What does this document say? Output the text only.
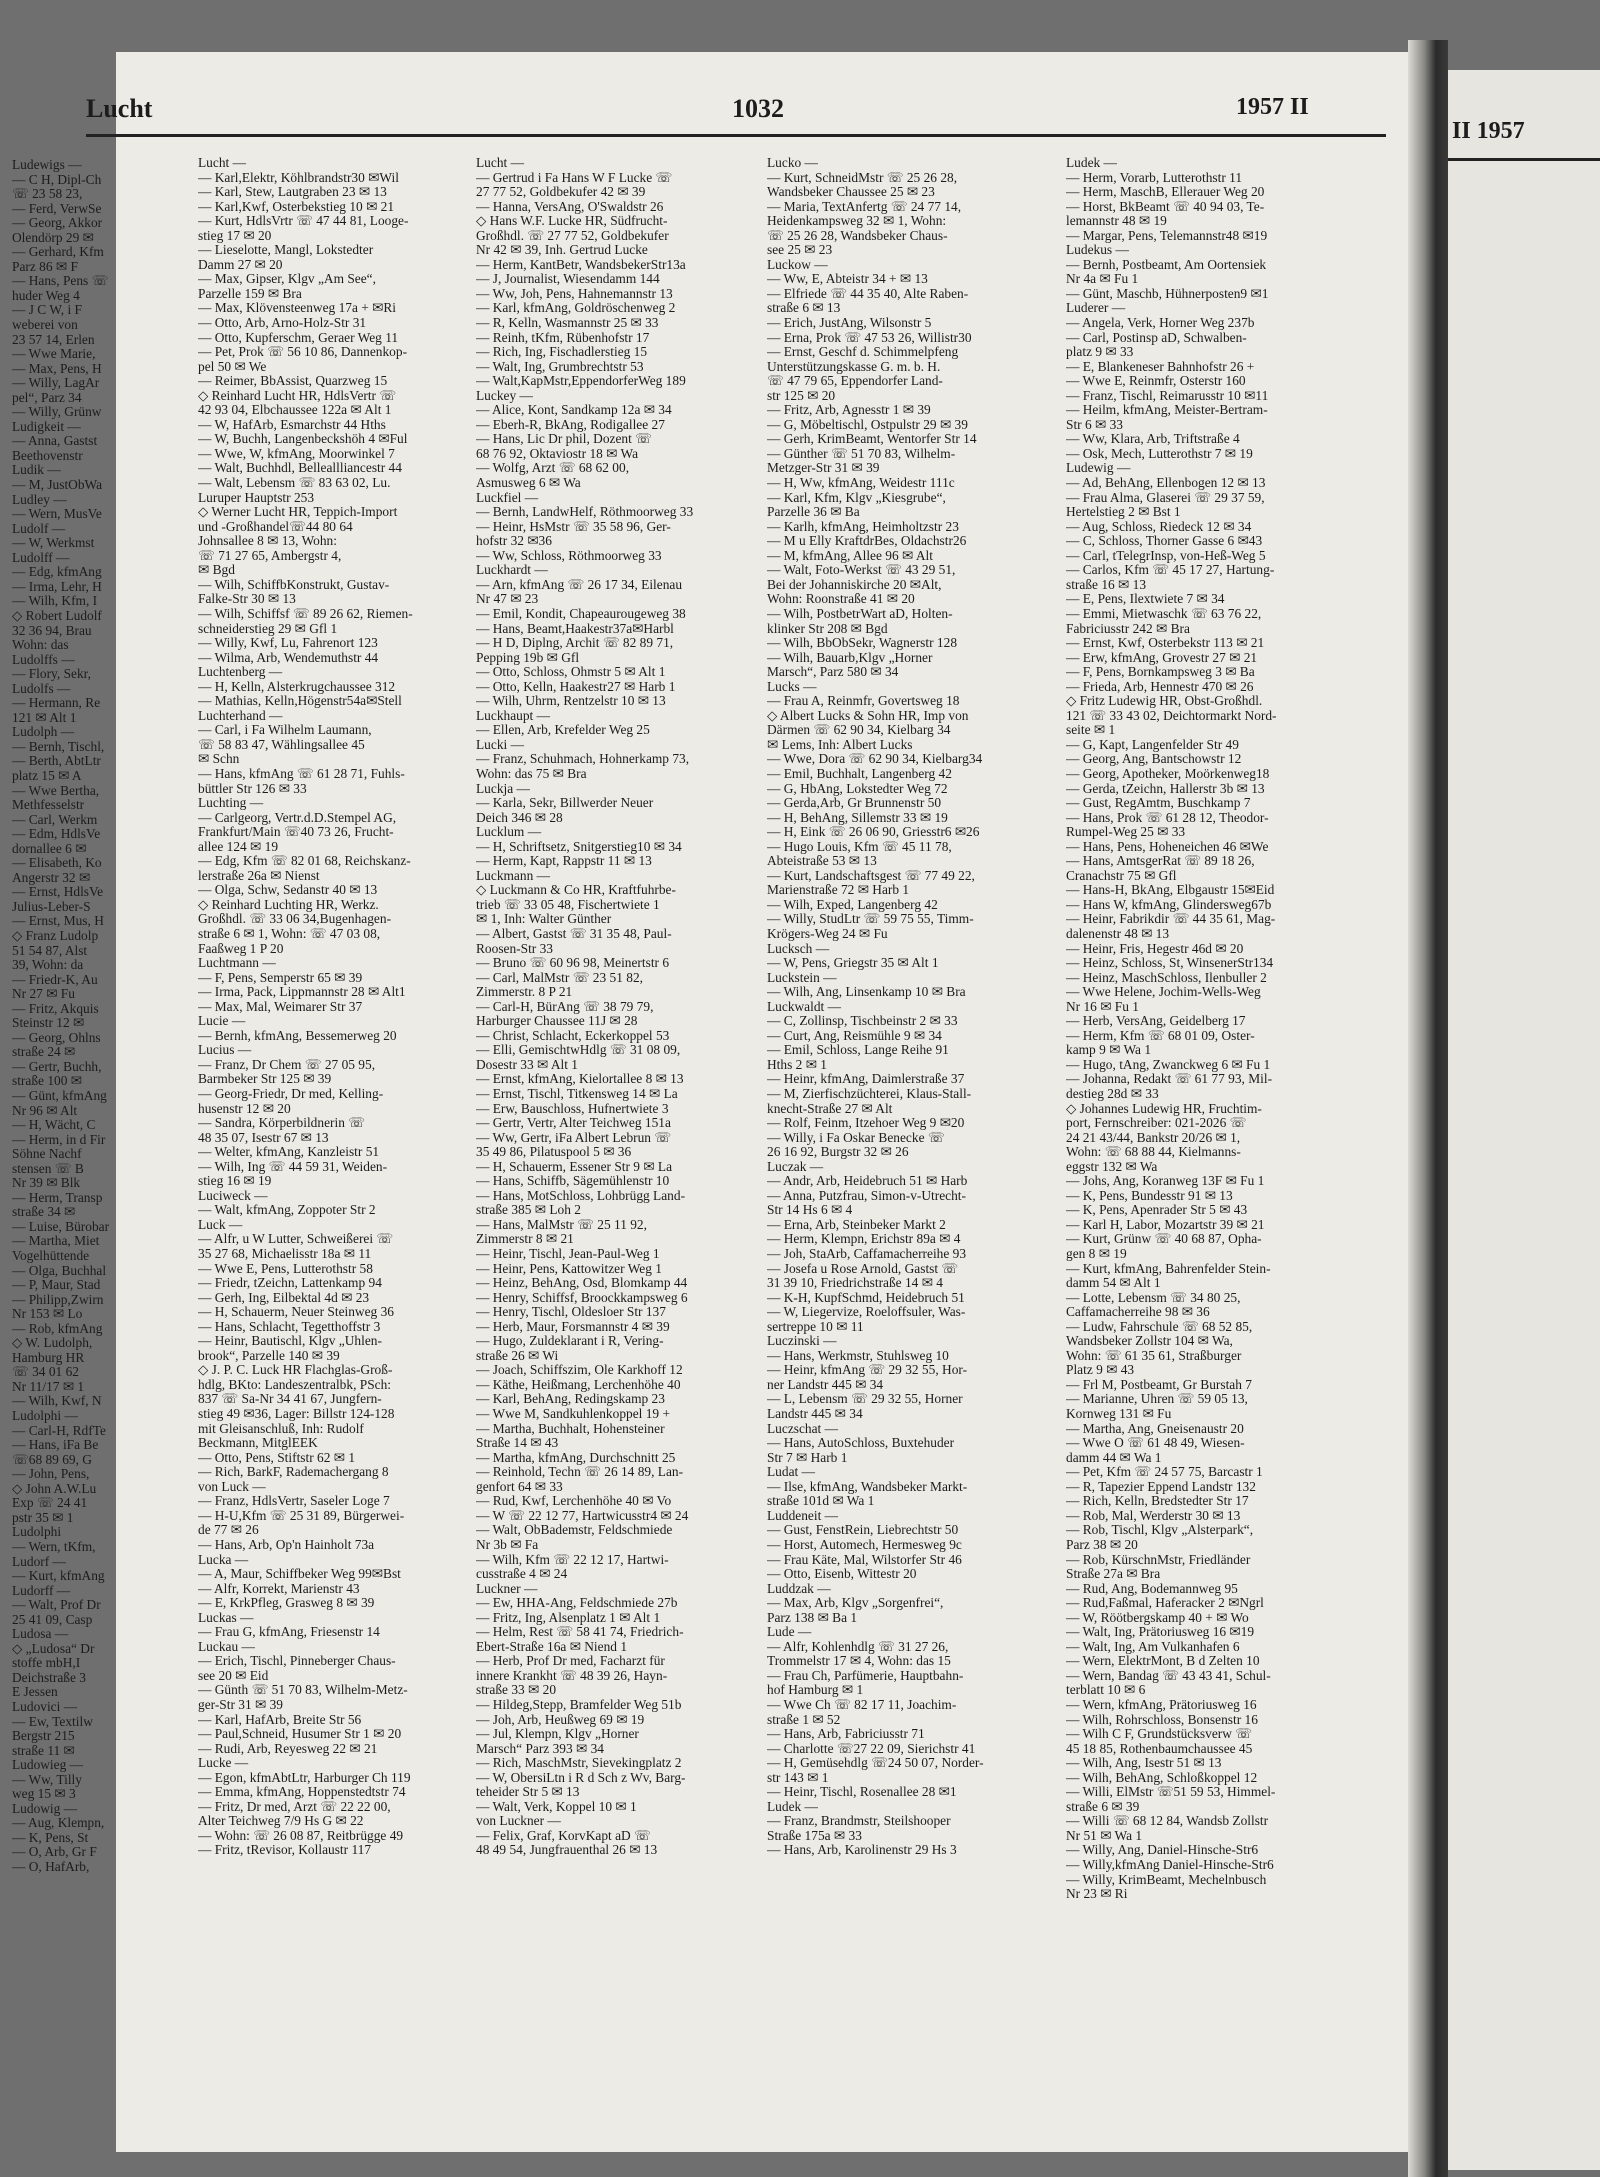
II 1957
Lucht	1032	1957 II
Lucht —
— Karl,Elektr, Köhlbrandstr30 ✉Wil
— Karl, Stew, Lautgraben 23 ✉ 13
— Karl,Kwf, Osterbekstieg 10 ✉ 21
— Kurt, HdlsVrtr ☏ 47 44 81, Looge-
stieg 17 ✉ 20
— Lieselotte, Mangl, Lokstedter
Damm 27 ✉ 20
— Max, Gipser, Klgv „Am See“,
Parzelle 159 ✉ Bra
— Max, Klövensteenweg 17a + ✉Ri
— Otto, Arb, Arno-Holz-Str 31
— Otto, Kupferschm, Geraer Weg 11
— Pet, Prok ☏ 56 10 86, Dannenkop-
pel 50 ✉ We
— Reimer, BbAssist, Quarzweg 15
◇ Reinhard Lucht HR, HdlsVertr ☏
42 93 04, Elbchaussee 122a ✉ Alt 1
— W, HafArb, Esmarchstr 44 Hths
— W, Buchh, Langenbeckshöh 4 ✉Ful
— Wwe, W, kfmAng, Moorwinkel 7
— Walt, Buchhdl, Belleallliancestr 44
— Walt, Lebensm ☏ 83 63 02, Lu.
Luruper Hauptstr 253
◇ Werner Lucht HR, Teppich-Import
und -Großhandel☏44 80 64
Johnsallee 8 ✉ 13, Wohn:
☏ 71 27 65, Ambergstr 4,
✉ Bgd
— Wilh, SchiffbKonstrukt, Gustav-
Falke-Str 30 ✉ 13
— Wilh, Schiffsf ☏ 89 26 62, Riemen-
schneiderstieg 29 ✉ Gfl 1
— Willy, Kwf, Lu, Fahrenort 123
— Wilma, Arb, Wendemuthstr 44
Luchtenberg —
— H, Kelln, Alsterkrugchaussee 312
— Mathias, Kelln,Högenstr54a✉Stell
Luchterhand —
— Carl, i Fa Wilhelm Laumann,
☏ 58 83 47, Wählingsallee 45
✉ Schn
— Hans, kfmAng ☏ 61 28 71, Fuhls-
büttler Str 126 ✉ 33
Luchting —
— Carlgeorg, Vertr.d.D.Stempel AG,
Frankfurt/Main ☏40 73 26, Frucht-
allee 124 ✉ 19
— Edg, Kfm ☏ 82 01 68, Reichskanz-
lerstraße 26a ✉ Nienst
— Olga, Schw, Sedanstr 40 ✉ 13
◇ Reinhard Luchting HR, Werkz.
Großhdl. ☏ 33 06 34,Bugenhagen-
straße 6 ✉ 1, Wohn: ☏ 47 03 08,
Faaßweg 1 P 20
Luchtmann —
— F, Pens, Semperstr 65 ✉ 39
— Irma, Pack, Lippmannstr 28 ✉ Alt1
— Max, Mal, Weimarer Str 37
Lucie —
— Bernh, kfmAng, Bessemerweg 20
Lucius —
— Franz, Dr Chem ☏ 27 05 95,
Barmbeker Str 125 ✉ 39
— Georg-Friedr, Dr med, Kelling-
husenstr 12 ✉ 20
— Sandra, Körperbildnerin ☏
48 35 07, Isestr 67 ✉ 13
— Welter, kfmAng, Kanzleistr 51
— Wilh, Ing ☏ 44 59 31, Weiden-
stieg 16 ✉ 19
Luciweck —
— Walt, kfmAng, Zoppoter Str 2
Luck —
— Alfr, u W Lutter, Schweißerei ☏
35 27 68, Michaelisstr 18a ✉ 11
— Wwe E, Pens, Lutterothstr 58
— Friedr, tZeichn, Lattenkamp 94
— Gerh, Ing, Eilbektal 4d ✉ 23
— H, Schauerm, Neuer Steinweg 36
— Hans, Schlacht, Tegetthoffstr 3
— Heinr, Bautischl, Klgv „Uhlen-
brook“, Parzelle 140 ✉ 39
◇ J. P. C. Luck HR Flachglas-Groß-
hdlg, BKto: Landeszentralbk, PSch:
837 ☏ Sa-Nr 34 41 67, Jungfern-
stieg 49 ✉36, Lager: Billstr 124-128
mit Gleisanschluß, Inh: Rudolf
Beckmann, MitglEEK
— Otto, Pens, Stiftstr 62 ✉ 1
— Rich, BarkF, Rademachergang 8
von Luck —
— Franz, HdlsVertr, Saseler Loge 7
— H-U,Kfm ☏ 25 31 89, Bürgerwei-
de 77 ✉ 26
— Hans, Arb, Op'n Hainholt 73a
Lucka —
— A, Maur, Schiffbeker Weg 99✉Bst
— Alfr, Korrekt, Marienstr 43
— E, KrkPfleg, Grasweg 8 ✉ 39
Luckas —
— Frau G, kfmAng, Friesenstr 14
Luckau —
— Erich, Tischl, Pinneberger Chaus-
see 20 ✉ Eid
— Günth ☏ 51 70 83, Wilhelm-Metz-
ger-Str 31 ✉ 39
— Karl, HafArb, Breite Str 56
— Paul,Schneid, Husumer Str 1 ✉ 20
— Rudi, Arb, Reyesweg 22 ✉ 21
Lucke —
— Egon, kfmAbtLtr, Harburger Ch 119
— Emma, kfmAng, Hoppenstedtstr 74
— Fritz, Dr med, Arzt ☏ 22 22 00,
Alter Teichweg 7/9 Hs G ✉ 22
— Wohn: ☏ 26 08 87, Reitbrügge 49
— Fritz, tRevisor, Kollaustr 117
Lucht —
— Gertrud i Fa Hans W F Lucke ☏
27 77 52, Goldbekufer 42 ✉ 39
— Hanna, VersAng, O'Swaldstr 26
◇ Hans W.F. Lucke HR, Südfrucht-
Großhdl. ☏ 27 77 52, Goldbekufer
Nr 42 ✉ 39, Inh. Gertrud Lucke
— Herm, KantBetr, WandsbekerStr13a
— J, Journalist, Wiesendamm 144
— Ww, Joh, Pens, Hahnemannstr 13
— Karl, kfmAng, Goldröschenweg 2
— R, Kelln, Wasmannstr 25 ✉ 33
— Reinh, tKfm, Rübenhofstr 17
— Rich, Ing, Fischadlerstieg 15
— Walt, Ing, Grumbrechtstr 53
— Walt,KapMstr,EppendorferWeg 189
Luckey —
— Alice, Kont, Sandkamp 12a ✉ 34
— Eberh-R, BkAng, Rodigallee 27
— Hans, Lic Dr phil, Dozent ☏
68 76 92, Oktaviostr 18 ✉ Wa
— Wolfg, Arzt ☏ 68 62 00,
Asmusweg 6 ✉ Wa
Luckfiel —
— Bernh, LandwHelf, Röthmoorweg 33
— Heinr, HsMstr ☏ 35 58 96, Ger-
hofstr 32 ✉36
— Ww, Schloss, Röthmoorweg 33
Luckhardt —
— Arn, kfmAng ☏ 26 17 34, Eilenau
Nr 47 ✉ 23
— Emil, Kondit, Chapeaurougeweg 38
— Hans, Beamt,Haakestr37a✉Harbl
— H D, Diplng, Archit ☏ 82 89 71,
Pepping 19b ✉ Gfl
— Otto, Schloss, Ohmstr 5 ✉ Alt 1
— Otto, Kelln, Haakestr27 ✉ Harb 1
— Wilh, Uhrm, Rentzelstr 10 ✉ 13
Luckhaupt —
— Ellen, Arb, Krefelder Weg 25
Lucki —
— Franz, Schuhmach, Hohnerkamp 73,
Wohn: das 75 ✉ Bra
Luckja —
— Karla, Sekr, Billwerder Neuer
Deich 346 ✉ 28
Lucklum —
— H, Schriftsetz, Snitgerstieg10 ✉ 34
— Herm, Kapt, Rappstr 11 ✉ 13
Luckmann —
◇ Luckmann & Co HR, Kraftfuhrbe-
trieb ☏ 33 05 48, Fischertwiete 1
✉ 1, Inh: Walter Günther
— Albert, Gastst ☏ 31 35 48, Paul-
Roosen-Str 33
— Bruno ☏ 60 96 98, Meinertstr 6
— Carl, MalMstr ☏ 23 51 82,
Zimmerstr. 8 P 21
— Carl-H, BürAng ☏ 38 79 79,
Harburger Chaussee 11J ✉ 28
— Christ, Schlacht, Eckerkoppel 53
— Elli, GemischtwHdlg ☏ 31 08 09,
Dosestr 33 ✉ Alt 1
— Ernst, kfmAng, Kielortallee 8 ✉ 13
— Ernst, Tischl, Titkensweg 14 ✉ La
— Erw, Bauschloss, Hufnertwiete 3
— Gertr, Vertr, Alter Teichweg 151a
— Ww, Gertr, iFa Albert Lebrun ☏
35 49 86, Pilatuspool 5 ✉ 36
— H, Schauerm, Essener Str 9 ✉ La
— Hans, Schiffb, Sägemühlenstr 10
— Hans, MotSchloss, Lohbrügg Land-
straße 385 ✉ Loh 2
— Hans, MalMstr ☏ 25 11 92,
Zimmerstr 8 ✉ 21
— Heinr, Tischl, Jean-Paul-Weg 1
— Heinr, Pens, Kattowitzer Weg 1
— Heinz, BehAng, Osd, Blomkamp 44
— Henry, Schiffsf, Broockkampsweg 6
— Henry, Tischl, Oldesloer Str 137
— Herb, Maur, Forsmannstr 4 ✉ 39
— Hugo, Zuldeklarant i R, Vering-
straße 26 ✉ Wi
— Joach, Schiffszim, Ole Karkhoff 12
— Käthe, Heißmang, Lerchenhöhe 40
— Karl, BehAng, Redingskamp 23
— Wwe M, Sandkuhlenkoppel 19 +
— Martha, Buchhalt, Hohensteiner
Straße 14 ✉ 43
— Martha, kfmAng, Durchschnitt 25
— Reinhold, Techn ☏ 26 14 89, Lan-
genfort 64 ✉ 33
— Rud, Kwf, Lerchenhöhe 40 ✉ Vo
— W ☏ 22 12 77, Hartwicusstr4 ✉ 24
— Walt, ObBademstr, Feldschmiede
Nr 3b ✉ Fa
— Wilh, Kfm ☏ 22 12 17, Hartwi-
cusstraße 4 ✉ 24
Luckner —
— Ew, HHA-Ang, Feldschmiede 27b
— Fritz, Ing, Alsenplatz 1 ✉ Alt 1
— Helm, Rest ☏ 58 41 74, Friedrich-
Ebert-Straße 16a ✉ Niend 1
— Herb, Prof Dr med, Facharzt für
innere Krankht ☏ 48 39 26, Hayn-
straße 33 ✉ 20
— Hildeg,Stepp, Bramfelder Weg 51b
— Joh, Arb, Heußweg 69 ✉ 19
— Jul, Klempn, Klgv „Horner
Marsch“ Parz 393 ✉ 34
— Rich, MaschMstr, Sievekingplatz 2
— W, ObersiLtn i R d Sch z Wv, Barg-
teheider Str 5 ✉ 13
— Walt, Verk, Koppel 10 ✉ 1
von Luckner —
— Felix, Graf, KorvKapt aD ☏
48 49 54, Jungfrauenthal 26 ✉ 13
Lucko —
— Kurt, SchneidMstr ☏ 25 26 28,
Wandsbeker Chaussee 25 ✉ 23
— Maria, TextAnfertg ☏ 24 77 14,
Heidenkampsweg 32 ✉ 1, Wohn:
☏ 25 26 28, Wandsbeker Chaus-
see 25 ✉ 23
Luckow —
— Ww, E, Abteistr 34 + ✉ 13
— Elfriede ☏ 44 35 40, Alte Raben-
straße 6 ✉ 13
— Erich, JustAng, Wilsonstr 5
— Erna, Prok ☏ 47 53 26, Willistr30
— Ernst, Geschf d. Schimmelpfeng
Unterstützungskasse G. m. b. H.
☏ 47 79 65, Eppendorfer Land-
str 125 ✉ 20
— Fritz, Arb, Agnesstr 1 ✉ 39
— G, Möbeltischl, Ostpulstr 29 ✉ 39
— Gerh, KrimBeamt, Wentorfer Str 14
— Günther ☏ 51 70 83, Wilhelm-
Metzger-Str 31 ✉ 39
— H, Ww, kfmAng, Weidestr 111c
— Karl, Kfm, Klgv „Kiesgrube“,
Parzelle 36 ✉ Ba
— Karlh, kfmAng, Heimholtzstr 23
— M u Elly KraftdrBes, Oldachstr26
— M, kfmAng, Allee 96 ✉ Alt
— Walt, Foto-Werkst ☏ 43 29 51,
Bei der Johanniskirche 20 ✉Alt,
Wohn: Roonstraße 41 ✉ 20
— Wilh, PostbetrWart aD, Holten-
klinker Str 208 ✉ Bgd
— Wilh, BbObSekr, Wagnerstr 128
— Wilh, Bauarb,Klgv „Horner
Marsch“, Parz 580 ✉ 34
Lucks —
— Frau A, Reinmfr, Govertsweg 18
◇ Albert Lucks & Sohn HR, Imp von
Därmen ☏ 62 90 34, Kielbarg 34
✉ Lems, Inh: Albert Lucks
— Wwe, Dora ☏ 62 90 34, Kielbarg34
— Emil, Buchhalt, Langenberg 42
— G, HbAng, Lokstedter Weg 72
— Gerda,Arb, Gr Brunnenstr 50
— H, BehAng, Sillemstr 33 ✉ 19
— H, Eink ☏ 26 06 90, Griesstr6 ✉26
— Hugo Louis, Kfm ☏ 45 11 78,
Abteistraße 53 ✉ 13
— Kurt, Landschaftsgest ☏ 77 49 22,
Marienstraße 72 ✉ Harb 1
— Wilh, Exped, Langenberg 42
— Willy, StudLtr ☏ 59 75 55, Timm-
Krögers-Weg 24 ✉ Fu
Lucksch —
— W, Pens, Griegstr 35 ✉ Alt 1
Luckstein —
— Wilh, Ang, Linsenkamp 10 ✉ Bra
Luckwaldt —
— C, Zollinsp, Tischbeinstr 2 ✉ 33
— Curt, Ang, Reismühle 9 ✉ 34
— Emil, Schloss, Lange Reihe 91
Hths 2 ✉ 1
— Heinr, kfmAng, Daimlerstraße 37
— M, Zierfischzüchterei, Klaus-Stall-
knecht-Straße 27 ✉ Alt
— Rolf, Feinm, Itzehoer Weg 9 ✉20
— Willy, i Fa Oskar Benecke ☏
26 16 92, Burgstr 32 ✉ 26
Luczak —
— Andr, Arb, Heidebruch 51 ✉ Harb
— Anna, Putzfrau, Simon-v-Utrecht-
Str 14 Hs 6 ✉ 4
— Erna, Arb, Steinbeker Markt 2
— Herm, Klempn, Erichstr 89a ✉ 4
— Joh, StaArb, Caffamacherreihe 93
— Josefa u Rose Arnold, Gastst ☏
31 39 10, Friedrichstraße 14 ✉ 4
— K-H, KupfSchmd, Heidebruch 51
— W, Liegervize, Roeloffsuler, Was-
sertreppe 10 ✉ 11
Luczinski —
— Hans, Werkmstr, Stuhlsweg 10
— Heinr, kfmAng ☏ 29 32 55, Hor-
ner Landstr 445 ✉ 34
— L, Lebensm ☏ 29 32 55, Horner
Landstr 445 ✉ 34
Luczschat —
— Hans, AutoSchloss, Buxtehuder
Str 7 ✉ Harb 1
Ludat —
— Ilse, kfmAng, Wandsbeker Markt-
straße 101d ✉ Wa 1
Luddeneit —
— Gust, FenstRein, Liebrechtstr 50
— Horst, Automech, Hermesweg 9c
— Frau Käte, Mal, Wilstorfer Str 46
— Otto, Eisenb, Wittestr 20
Luddzak —
— Max, Arb, Klgv „Sorgenfrei“,
Parz 138 ✉ Ba 1
Lude —
— Alfr, Kohlenhdlg ☏ 31 27 26,
Trommelstr 17 ✉ 4, Wohn: das 15
— Frau Ch, Parfümerie, Hauptbahn-
hof Hamburg ✉ 1
— Wwe Ch ☏ 82 17 11, Joachim-
straße 1 ✉ 52
— Hans, Arb, Fabriciusstr 71
— Charlotte ☏27 22 09, Sierichstr 41
— H, Gemüsehdlg ☏24 50 07, Norder-
str 143 ✉ 1
— Heinr, Tischl, Rosenallee 28 ✉1
Ludek —
— Franz, Brandmstr, Steilshooper
Straße 175a ✉ 33
— Hans, Arb, Karolinenstr 29 Hs 3
Ludek —
— Herm, Vorarb, Lutterothstr 11
— Herm, MaschB, Ellerauer Weg 20
— Horst, BkBeamt ☏ 40 94 03, Te-
lemannstr 48 ✉ 19
— Margar, Pens, Telemannstr48 ✉19
Ludekus —
— Bernh, Postbeamt, Am Oortensiek
Nr 4a ✉ Fu 1
— Günt, Maschb, Hühnerposten9 ✉1
Luderer —
— Angela, Verk, Horner Weg 237b
— Carl, Postinsp aD, Schwalben-
platz 9 ✉ 33
— E, Blankeneser Bahnhofstr 26 +
— Wwe E, Reinmfr, Osterstr 160
— Franz, Tischl, Reimarusstr 10 ✉11
— Heilm, kfmAng, Meister-Bertram-
Str 6 ✉ 33
— Ww, Klara, Arb, Triftstraße 4
— Osk, Mech, Lutterothstr 7 ✉ 19
Ludewig —
— Ad, BehAng, Ellenbogen 12 ✉ 13
— Frau Alma, Glaserei ☏ 29 37 59,
Hertelstieg 2 ✉ Bst 1
— Aug, Schloss, Riedeck 12 ✉ 34
— C, Schloss, Thorner Gasse 6 ✉43
— Carl, tTelegrInsp, von-Heß-Weg 5
— Carlos, Kfm ☏ 45 17 27, Hartung-
straße 16 ✉ 13
— E, Pens, Ilextwiete 7 ✉ 34
— Emmi, Mietwaschk ☏ 63 76 22,
Fabriciusstr 242 ✉ Bra
— Ernst, Kwf, Osterbekstr 113 ✉ 21
— Erw, kfmAng, Grovestr 27 ✉ 21
— F, Pens, Bornkampsweg 3 ✉ Ba
— Frieda, Arb, Hennestr 470 ✉ 26
◇ Fritz Ludewig HR, Obst-Großhdl.
121 ☏ 33 43 02, Deichtormarkt Nord-
seite ✉ 1
— G, Kapt, Langenfelder Str 49
— Georg, Ang, Bantschowstr 12
— Georg, Apotheker, Moörkenweg18
— Gerda, tZeichn, Hallerstr 3b ✉ 13
— Gust, RegAmtm, Buschkamp 7
— Hans, Prok ☏ 61 28 12, Theodor-
Rumpel-Weg 25 ✉ 33
— Hans, Pens, Hoheneichen 46 ✉We
— Hans, AmtsgerRat ☏ 89 18 26,
Cranachstr 75 ✉ Gfl
— Hans-H, BkAng, Elbgaustr 15✉Eid
— Hans W, kfmAng, Glindersweg67b
— Heinr, Fabrikdir ☏ 44 35 61, Mag-
dalenenstr 48 ✉ 13
— Heinr, Fris, Hegestr 46d ✉ 20
— Heinz, Schloss, St, WinsenerStr134
— Heinz, MaschSchloss, Ilenbuller 2
— Wwe Helene, Jochim-Wells-Weg
Nr 16 ✉ Fu 1
— Herb, VersAng, Geidelberg 17
— Herm, Kfm ☏ 68 01 09, Oster-
kamp 9 ✉ Wa 1
— Hugo, tAng, Zwanckweg 6 ✉ Fu 1
— Johanna, Redakt ☏ 61 77 93, Mil-
destieg 28d ✉ 33
◇ Johannes Ludewig HR, Fruchtim-
port, Fernschreiber: 021-2026 ☏
24 21 43/44, Bankstr 20/26 ✉ 1,
Wohn: ☏ 68 88 44, Kielmanns-
eggstr 132 ✉ Wa
— Johs, Ang, Koranweg 13F ✉ Fu 1
— K, Pens, Bundesstr 91 ✉ 13
— K, Pens, Apenrader Str 5 ✉ 43
— Karl H, Labor, Mozartstr 39 ✉ 21
— Kurt, Grünw ☏ 40 68 87, Opha-
gen 8 ✉ 19
— Kurt, kfmAng, Bahrenfelder Stein-
damm 54 ✉ Alt 1
— Lotte, Lebensm ☏ 34 80 25,
Caffamacherreihe 98 ✉ 36
— Ludw, Fahrschule ☏ 68 52 85,
Wandsbeker Zollstr 104 ✉ Wa,
Wohn: ☏ 61 35 61, Straßburger
Platz 9 ✉ 43
— Frl M, Postbeamt, Gr Burstah 7
— Marianne, Uhren ☏ 59 05 13,
Kornweg 131 ✉ Fu
— Martha, Ang, Gneisenaustr 20
— Wwe O ☏ 61 48 49, Wiesen-
damm 44 ✉ Wa 1
— Pet, Kfm ☏ 24 57 75, Barcastr 1
— R, Tapezier Eppend Landstr 132
— Rich, Kelln, Bredstedter Str 17
— Rob, Mal, Werderstr 30 ✉ 13
— Rob, Tischl, Klgv „Alsterpark“,
Parz 38 ✉ 20
— Rob, KürschnMstr, Friedländer
Straße 27a ✉ Bra
— Rud, Ang, Bodemannweg 95
— Rud,Faßmal, Haferacker 2 ✉Ngrl
— W, Röötbergskamp 40 + ✉ Wo
— Walt, Ing, Prätoriusweg 16 ✉19
— Walt, Ing, Am Vulkanhafen 6
— Wern, ElektrMont, B d Zelten 10
— Wern, Bandag ☏ 43 43 41, Schul-
terblatt 10 ✉ 6
— Wern, kfmAng, Prätoriusweg 16
— Wilh, Rohrschloss, Bonsenstr 16
— Wilh C F, Grundstücksverw ☏
45 18 85, Rothenbaumchaussee 45
— Wilh, Ang, Isestr 51 ✉ 13
— Wilh, BehAng, Schloßkoppel 12
— Willi, ElMstr ☏51 59 53, Himmel-
straße 6 ✉ 39
— Willi ☏ 68 12 84, Wandsb Zollstr
Nr 51 ✉ Wa 1
— Willy, Ang, Daniel-Hinsche-Str6
— Willy,kfmAng Daniel-Hinsche-Str6
— Willy, KrimBeamt, Mechelnbusch
Nr 23 ✉ Ri
Ludewigs —
— C H, Dipl-Ch
☏ 23 58 23,
— Ferd, VerwSe
— Georg, Akkor
Olendörp 29 ✉
— Gerhard, Kfm
Parz 86 ✉ F
— Hans, Pens ☏
huder Weg 4
— J C W, i F
weberei von
23 57 14, Erlen
— Wwe Marie,
— Max, Pens, H
— Willy, LagAr
pel“, Parz 34
— Willy, Grünw
Ludigkeit —
— Anna, Gastst
Beethovenstr
Ludik —
— M, JustObWa
Ludley —
— Wern, MusVe
Ludolf —
— W, Werkmst
Ludolff —
— Edg, kfmAng
— Irma, Lehr, H
— Wilh, Kfm, I
◇ Robert Ludolf
32 36 94, Brau
Wohn: das
Ludolffs —
— Flory, Sekr,
Ludolfs —
— Hermann, Re
121 ✉ Alt 1
Ludolph —
— Bernh, Tischl,
— Berth, AbtLtr
platz 15 ✉ A
— Wwe Bertha,
Methfesselstr
— Carl, Werkm
— Edm, HdlsVe
dornallee 6 ✉
— Elisabeth, Ko
Angerstr 32 ✉
— Ernst, HdlsVe
Julius-Leber-S
— Ernst, Mus, H
◇ Franz Ludolp
51 54 87, Alst
39, Wohn: da
— Friedr-K, Au
Nr 27 ✉ Fu
— Fritz, Akquis
Steinstr 12 ✉
— Georg, Ohlns
straße 24 ✉
— Gertr, Buchh,
straße 100 ✉
— Günt, kfmAng
Nr 96 ✉ Alt
— H, Wächt, C
— Herm, in d Fir
Söhne Nachf
stensen ☏ B
Nr 39 ✉ Blk
— Herm, Transp
straße 34 ✉
— Luise, Bürobar
— Martha, Miet
Vogelhüttende
— Olga, Buchhal
— P, Maur, Stad
— Philipp,Zwirn
Nr 153 ✉ Lo
— Rob, kfmAng
◇ W. Ludolph,
Hamburg HR
☏ 34 01 62
Nr 11/17 ✉ 1
— Wilh, Kwf, N
Ludolphi —
— Carl-H, RdfTe
— Hans, iFa Be
☏68 89 69, G
— John, Pens,
◇ John A.W.Lu
Exp ☏ 24 41
pstr 35 ✉ 1
Ludolphi
— Wern, tKfm,
Ludorf —
— Kurt, kfmAng
Ludorff —
— Walt, Prof Dr
25 41 09, Casp
Ludosa —
◇ „Ludosa“ Dr
stoffe mbH,I
Deichstraße 3
E Jessen
Ludovici —
— Ew, Textilw
Bergstr 215
straße 11 ✉
Ludowieg —
— Ww, Tilly
weg 15 ✉ 3
Ludowig —
— Aug, Klempn,
— K, Pens, St
— O, Arb, Gr F
— O, HafArb,
